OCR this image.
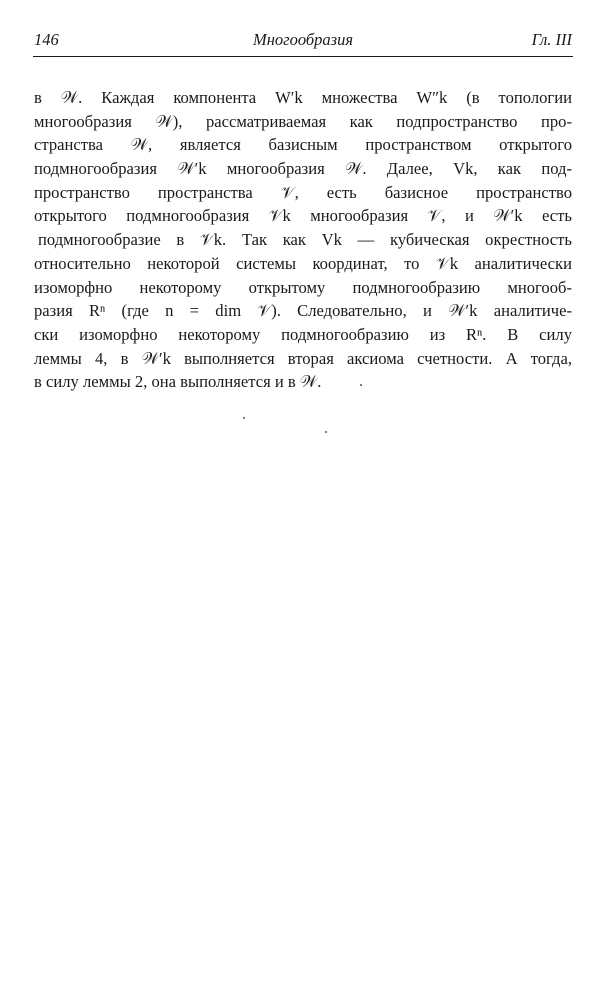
146	Многообразия	Гл. III
в 𝒲. Каждая компонента W′k множества W″k (в топологии
многообразия 𝒲), рассматриваемая как подпространство про-
странства 𝒲, является базисным пространством открытого
подмногообразия 𝒲′k многообразия 𝒲. Далее, Vk, как под-
пространство пространства 𝒱, есть базисное пространство
открытого подмногообразия 𝒱k многообразия 𝒱, и 𝒲′k есть
подмногообразие в 𝒱k. Так как Vk — кубическая окрестность
относительно некоторой системы координат, то 𝒱k аналитически
изоморфно некоторому открытому подмногообразию многооб-
разия Rⁿ (где n = dim 𝒱). Следовательно, и 𝒲′k аналитиче-
ски изоморфно некоторому подмногообразию из Rⁿ. В силу
леммы 4, в 𝒲′k выполняется вторая аксиома счетности. А тогда,
в силу леммы 2, она выполняется и в 𝒲.
